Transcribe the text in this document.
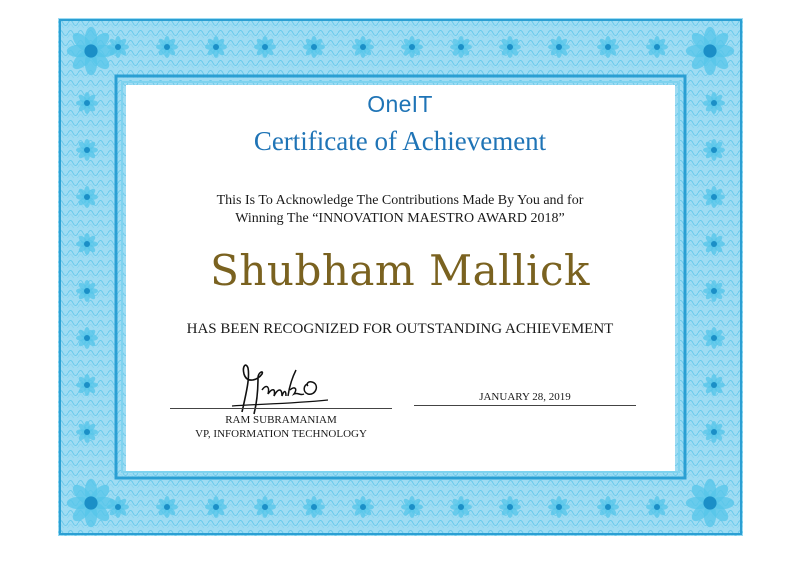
OneIT
Certificate of Achievement
This Is To Acknowledge The Contributions Made By You and for
Winning The “INNOVATION MAESTRO AWARD 2018”
Shubham Mallick
HAS BEEN RECOGNIZED FOR OUTSTANDING ACHIEVEMENT
RAM SUBRAMANIAM
VP, INFORMATION TECHNOLOGY
JANUARY 28, 2019
